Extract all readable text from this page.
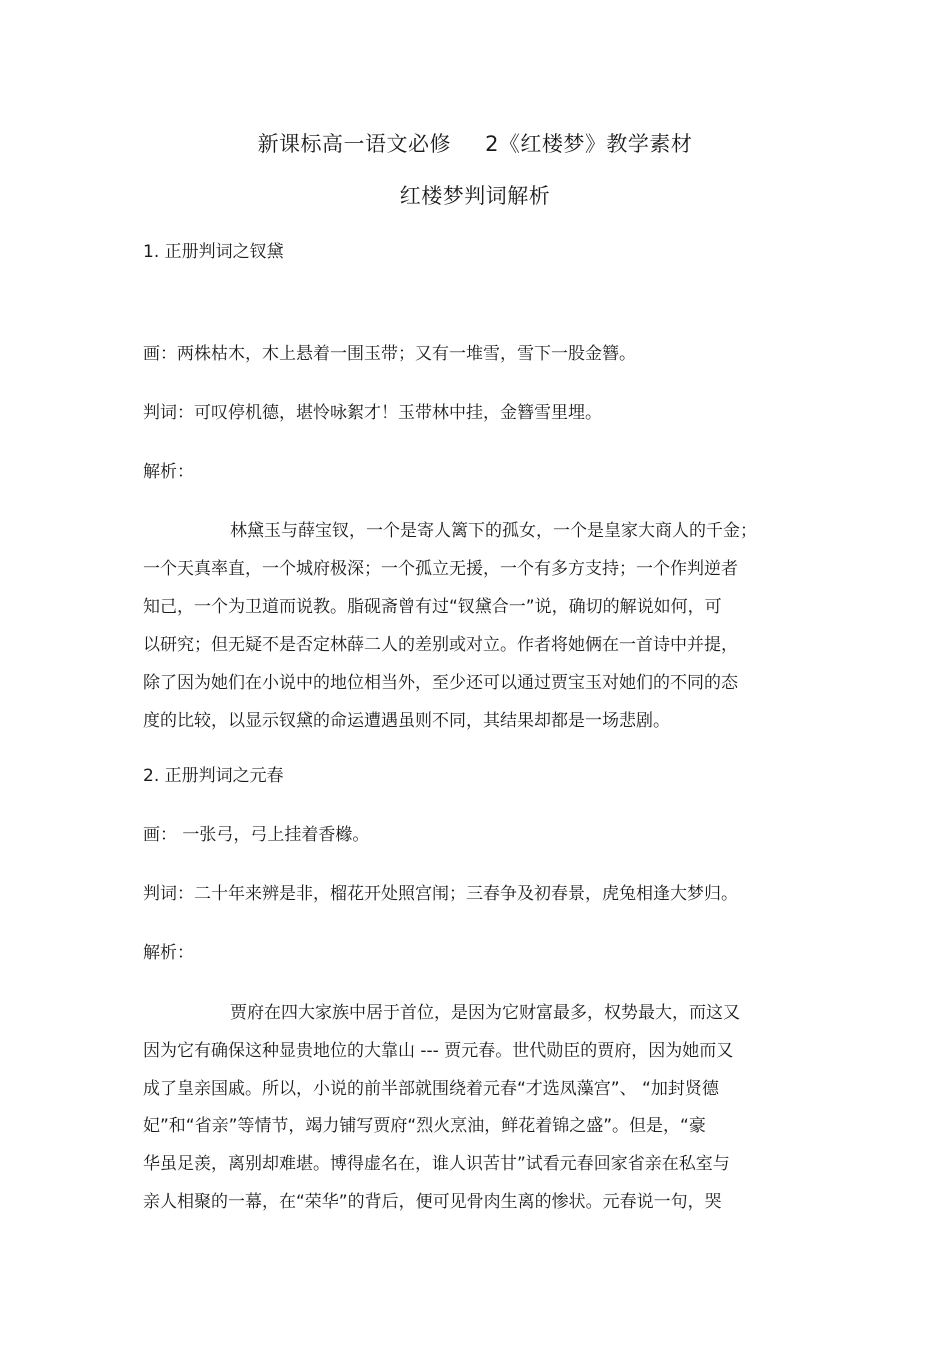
新课标高一语文必修 2《红楼梦》教学素材
红楼梦判词解析
1. 正册判词之钗黛
画：两株枯木，木上悬着一围玉带；又有一堆雪，雪下一股金簪。
判词：可叹停机德，堪怜咏絮才！玉带林中挂，金簪雪里埋。
解析：
林黛玉与薛宝钗，一个是寄人篱下的孤女，一个是皇家大商人的千金；
一个天真率直，一个城府极深；一个孤立无援，一个有多方支持；一个作判逆者
知己，一个为卫道而说教。脂砚斋曾有过“钗黛合一”说，确切的解说如何，可
以研究；但无疑不是否定林薛二人的差别或对立。作者将她俩在一首诗中并提，
除了因为她们在小说中的地位相当外，至少还可以通过贾宝玉对她们的不同的态
度的比较，以显示钗黛的命运遭遇虽则不同，其结果却都是一场悲剧。
2. 正册判词之元春
画： 一张弓，弓上挂着香橼。
判词：二十年来辨是非，榴花开处照宫闱；三春争及初春景，虎兔相逢大梦归。
解析：
贾府在四大家族中居于首位，是因为它财富最多，权势最大，而这又
因为它有确保这种显贵地位的大靠山 --- 贾元春。世代勋臣的贾府，因为她而又
成了皇亲国戚。所以，小说的前半部就围绕着元春“才选凤藻宫”、 “加封贤德
妃”和“省亲”等情节，竭力铺写贾府“烈火烹油，鲜花着锦之盛”。但是，“豪
华虽足羡，离别却难堪。博得虚名在，谁人识苦甘”试看元春回家省亲在私室与
亲人相聚的一幕，在“荣华”的背后，便可见骨肉生离的惨状。元春说一句，哭
